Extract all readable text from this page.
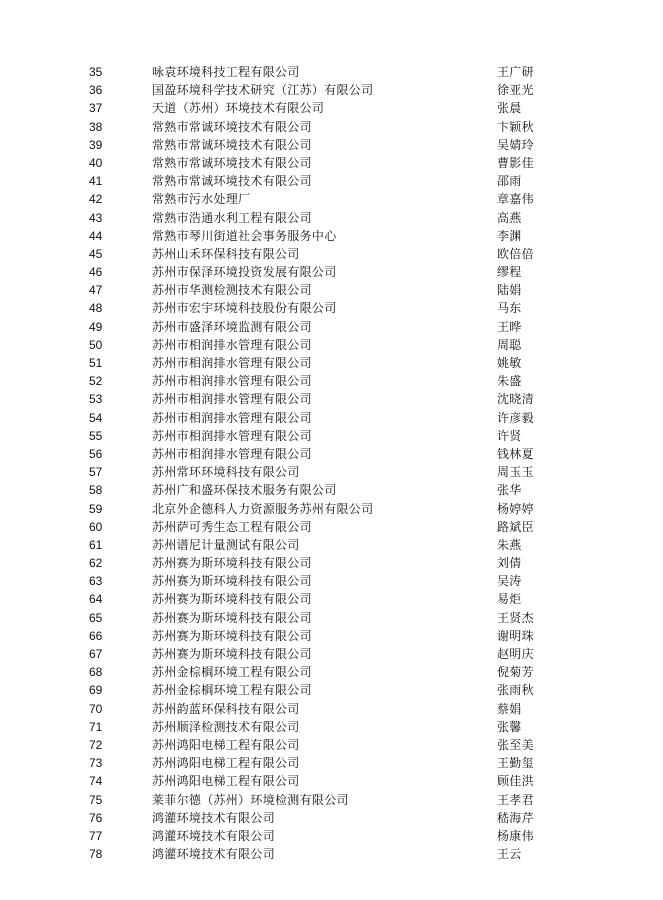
35	咏袁环境科技工程有限公司	王广研
36	国盈环境科学技术研究（江苏）有限公司	徐亚光
37	天道（苏州）环境技术有限公司	张晨
38	常熟市常诚环境技术有限公司	卞颖秋
39	常熟市常诚环境技术有限公司	吴婧玲
40	常熟市常诚环境技术有限公司	曹影佳
41	常熟市常诚环境技术有限公司	邵雨
42	常熟市污水处理厂	章嘉伟
43	常熟市浩通水利工程有限公司	高燕
44	常熟市琴川街道社会事务服务中心	李渊
45	苏州山禾环保科技有限公司	欧倍倍
46	苏州市保泽环境投资发展有限公司	缪程
47	苏州市华测检测技术有限公司	陆娟
48	苏州市宏宇环境科技股份有限公司	马东
49	苏州市盛泽环境监测有限公司	王晔
50	苏州市相润排水管理有限公司	周聪
51	苏州市相润排水管理有限公司	姚敏
52	苏州市相润排水管理有限公司	朱盛
53	苏州市相润排水管理有限公司	沈晓清
54	苏州市相润排水管理有限公司	许彦毅
55	苏州市相润排水管理有限公司	许贤
56	苏州市相润排水管理有限公司	钱林夏
57	苏州常环环境科技有限公司	周玉玉
58	苏州广和盛环保技术服务有限公司	张华
59	北京外企德科人力资源服务苏州有限公司	杨婷婷
60	苏州萨可秀生态工程有限公司	路斌臣
61	苏州谱尼计量测试有限公司	朱燕
62	苏州赛为斯环境科技有限公司	刘倩
63	苏州赛为斯环境科技有限公司	吴涛
64	苏州赛为斯环境科技有限公司	易炬
65	苏州赛为斯环境科技有限公司	王贤杰
66	苏州赛为斯环境科技有限公司	谢明珠
67	苏州赛为斯环境科技有限公司	赵明庆
68	苏州金棕榈环境工程有限公司	倪菊芳
69	苏州金棕榈环境工程有限公司	张雨秋
70	苏州韵蓝环保科技有限公司	蔡娟
71	苏州顺泽检测技术有限公司	张馨
72	苏州鸿阳电梯工程有限公司	张至美
73	苏州鸿阳电梯工程有限公司	王勤玺
74	苏州鸿阳电梯工程有限公司	顾佳洪
75	莱菲尔德（苏州）环境检测有限公司	王孝君
76	鸿灌环境技术有限公司	嵇海芹
77	鸿灌环境技术有限公司	杨康伟
78	鸿灌环境技术有限公司	王云
